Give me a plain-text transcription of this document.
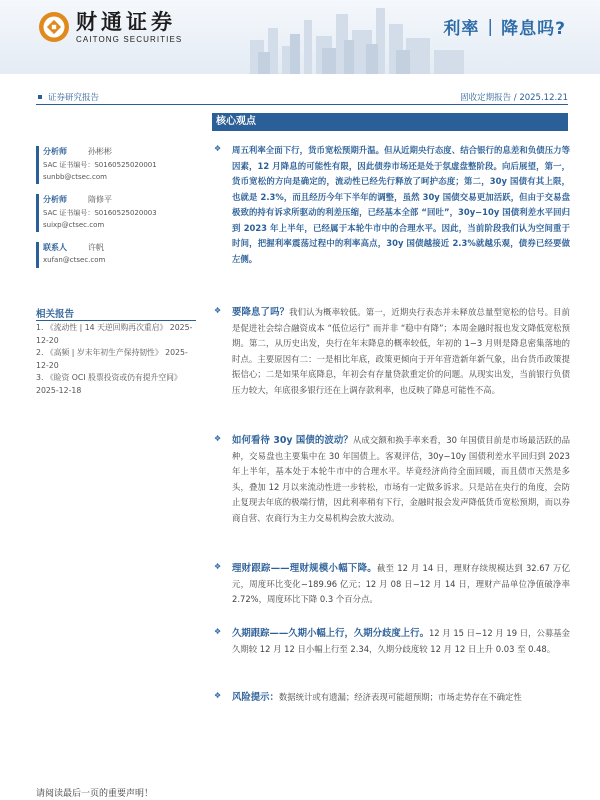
财通证券
CAITONG SECURITIES
利率 | 降息吗?
证券研究报告	固收定期报告 / 2025.12.21
分析师	孙彬彬
SAC 证书编号：S0160525020001
sunbb@ctsec.com
分析师	隋修平
SAC 证书编号：S0160525020003
suixp@ctsec.com
联系人	许帆
xufan@ctsec.com
相关报告
1. 《流动性 | 14 天逆回购再次重启》 2025-12-20
2. 《高频 | 岁末年初生产保持韧性》 2025-12-20
3. 《睑资 OCI 股票投资或仍有提升空间》 2025-12-18
核心观点
❖ 周五利率全面下行，货币宽松预期升温。但从近期央行态度、结合银行的息差和负债压力等因素，12 月降息的可能性有限，因此债券市场还是处于氛虚盘整阶段。向后展望，第一，货币宽松的方向是确定的，流动性已经先行释放了呵护态度；第二，30y 国债有其上限，也就是 2.3%，而且经历今年下半年的调整，虽然 30y 国债交易更加活跃，但由于交易盘极致的持有诉求所驱动的利差压缩，已经基本全部 “回吐”，30y−10y 国债利差水平回归到 2023 年上半年，已经属于本轮牛市中的合理水平。因此，当前阶段我们认为空间重于时间，把握利率震荡过程中的利率高点，30y 国债越接近 2.3%就越乐观，债券已经要做左侧。

❖ 要降息了吗？我们认为概率较低。第一，近期央行表态并未释放总量型宽松的信号。目前是促进社会综合融资成本 “低位运行” 而并非 “稳中有降”；本周金融时报也发文降低宽松预期。第二，从历史出发，央行在年末降息的概率较低，年初的 1−3 月则是降息密集落地的时点。主要原因有二：一是相比年底，政策更倾向于开年营造新年新气象，出台货币政策提振信心；二是如果年底降息，年初会有存量贷款重定价的问题。从现实出发，当前银行负债压力较大，年底很多银行还在上调存款利率，也反映了降息可能性不高。

❖ 如何看待 30y 国债的波动？从成交额和换手率来看，30 年国债目前是市场最活跃的品种，交易盘也主要集中在 30 年国债上。客观评估，30y−10y 国债利差水平回归到 2023 年上半年，基本处于本轮牛市中的合理水平。毕竟经济尚待全面回暖，而且债市天然是多头，叠加 12 月以来流动性进一步转松，市场有一定做多诉求。只是站在央行的角度，会防止复现去年底的极端行情，因此利率稍有下行，金融时报会发声降低货币宽松预期，而以券商自营、农商行为主力交易机构会放大波动。

❖ 理财跟踪——理财规模小幅下降。截至 12 月 14 日，理财存续规模达到 32.67 万亿元，周度环比变化−189.96 亿元；12 月 08 日−12 月 14 日，理财产品单位净值破净率 2.72%，周度环比下降 0.3 个百分点。

❖ 久期跟踪——久期小幅上行，久期分歧度上行。12 月 15 日−12 月 19 日，公募基金久期较 12 月 12 日小幅上行至 2.34，久期分歧度较 12 月 12 日上升 0.03 至 0.48。

❖ 风险提示：数据统计或有遗漏；经济表现可能超预期；市场走势存在不确定性

请阅读最后一页的重要声明！
